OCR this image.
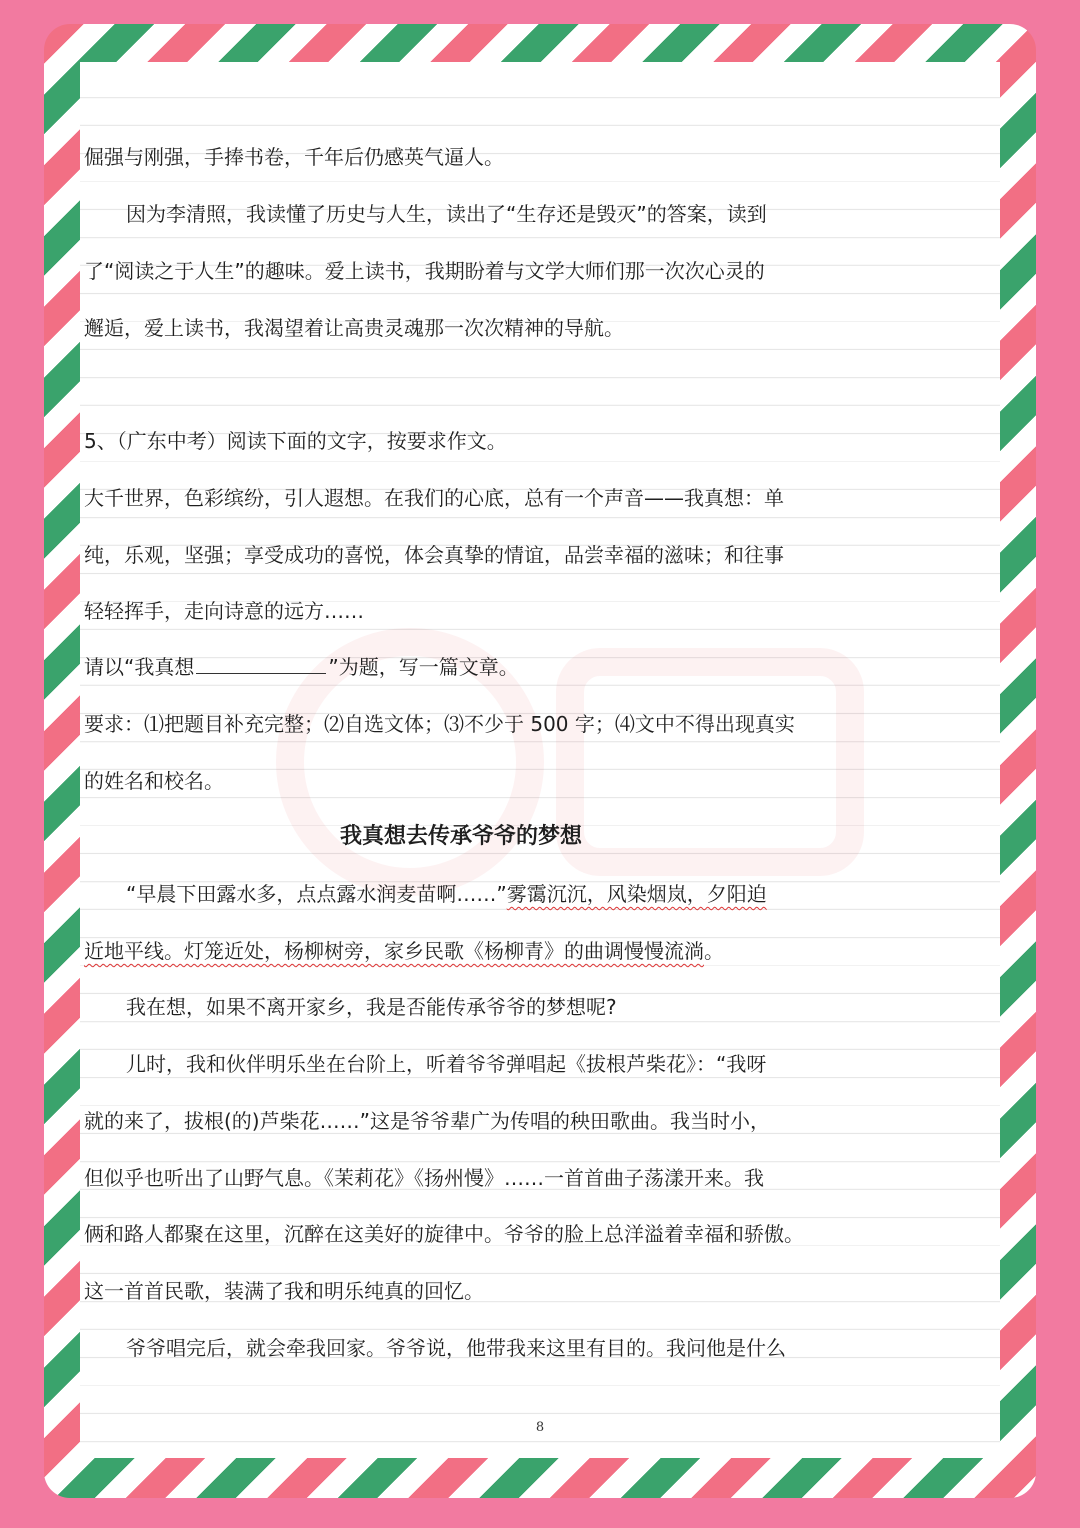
倔强与刚强，手捧书卷，千年后仍感英气逼人。
因为李清照，我读懂了历史与人生，读出了“生存还是毁灭”的答案，读到
了“阅读之于人生”的趣味。爱上读书，我期盼着与文学大师们那一次次心灵的
邂逅，爱上读书，我渴望着让高贵灵魂那一次次精神的导航。
5、（广东中考）阅读下面的文字，按要求作文。
大千世界，色彩缤纷，引人遐想。在我们的心底，总有一个声音——我真想：单
纯，乐观，坚强；享受成功的喜悦，体会真挚的情谊，品尝幸福的滋味；和往事
轻轻挥手，走向诗意的远方……
请以“我真想	”为题，写一篇文章。
要求：⑴把题目补充完整；⑵自选文体；⑶不少于 500 字；⑷文中不得出现真实
的姓名和校名。
我真想去传承爷爷的梦想
“早晨下田露水多，点点露水润麦苗啊……”雾霭沉沉，风染烟岚，夕阳迫
近地平线。灯笼近处，杨柳树旁，家乡民歌《杨柳青》的曲调慢慢流淌。
我在想，如果不离开家乡，我是否能传承爷爷的梦想呢?
儿时，我和伙伴明乐坐在台阶上，听着爷爷弹唱起《拔根芦柴花》：“我呀
就的来了，拔根(的)芦柴花……”这是爷爷辈广为传唱的秧田歌曲。我当时小，
但似乎也听出了山野气息。《茉莉花》《扬州慢》……一首首曲子荡漾开来。我
俩和路人都聚在这里，沉醉在这美好的旋律中。爷爷的脸上总洋溢着幸福和骄傲。
这一首首民歌，装满了我和明乐纯真的回忆。
爷爷唱完后，就会牵我回家。爷爷说，他带我来这里有目的。我问他是什么
8
